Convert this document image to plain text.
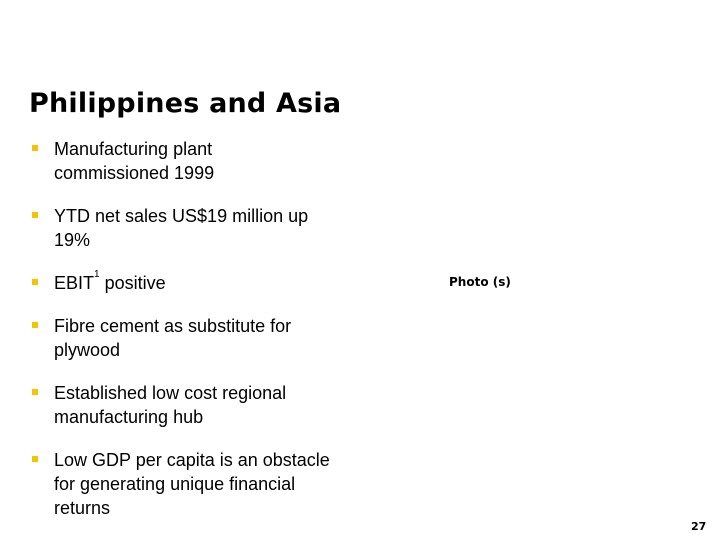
Philippines and Asia
Manufacturing plant commissioned 1999
YTD net sales US$19 million up 19%
EBIT$^1$ positive
Fibre cement as substitute for plywood
Established low cost regional manufacturing hub
Low GDP per capita is an obstacle for generating unique financial returns
Photo (s)
27
